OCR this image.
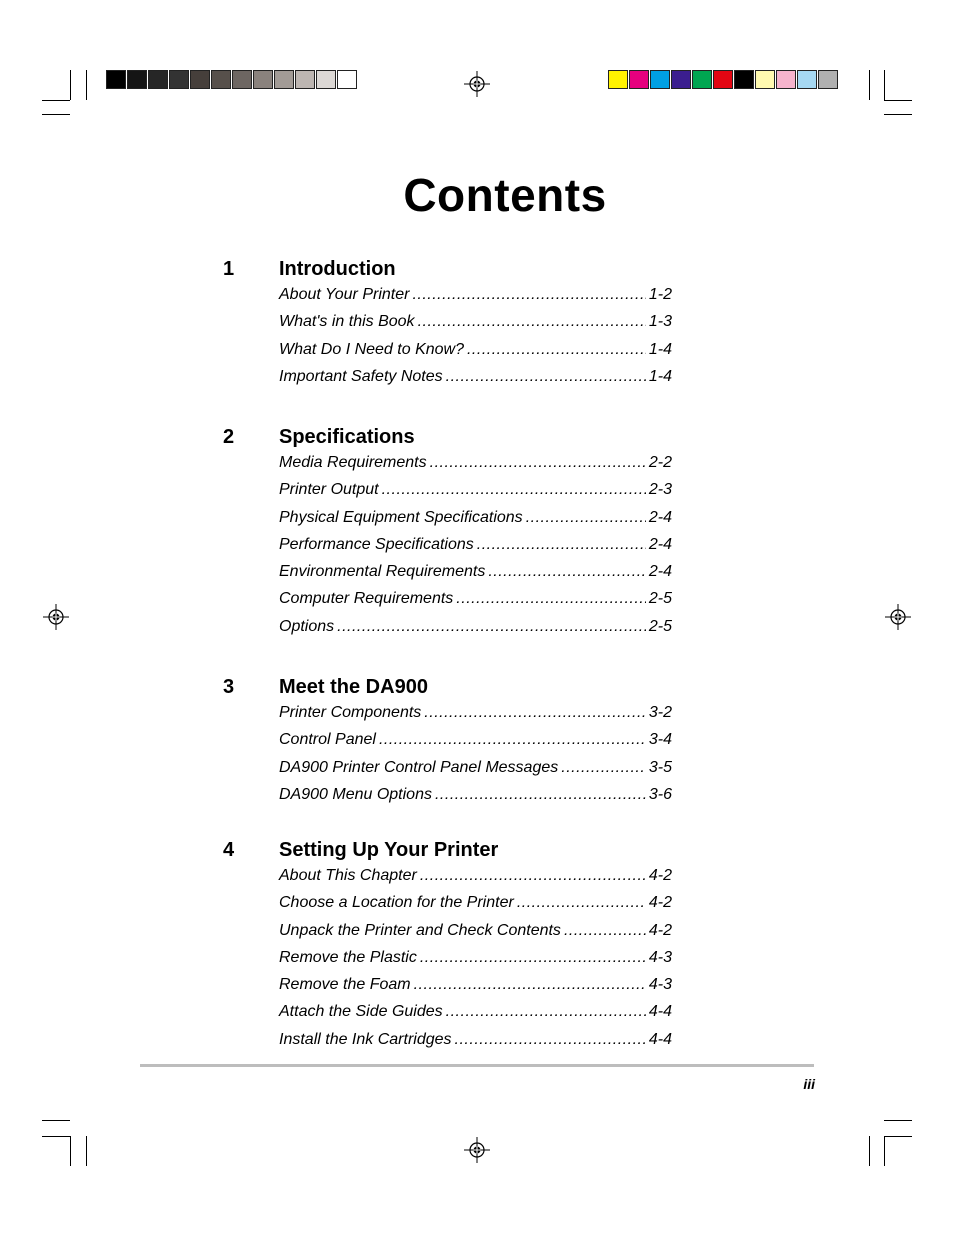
Contents
1 Introduction
About Your Printer .....	1-2
What's in this Book .....	1-3
What Do I Need to Know? .....	1-4
Important Safety Notes .....	1-4
2 Specifications
Media Requirements .....	2-2
Printer Output .....	2-3
Physical Equipment Specifications .....	2-4
Performance Specifications .....	2-4
Environmental Requirements .....	2-4
Computer Requirements .....	2-5
Options .....	2-5
3 Meet the DA900
Printer Components .....	3-2
Control Panel .....	3-4
DA900 Printer Control Panel Messages .....	3-5
DA900 Menu Options .....	3-6
4 Setting Up Your Printer
About This Chapter .....	4-2
Choose a Location for the Printer .....	4-2
Unpack the Printer and Check Contents .....	4-2
Remove the Plastic .....	4-3
Remove the Foam .....	4-3
Attach the Side Guides .....	4-4
Install the Ink Cartridges .....	4-4
iii
